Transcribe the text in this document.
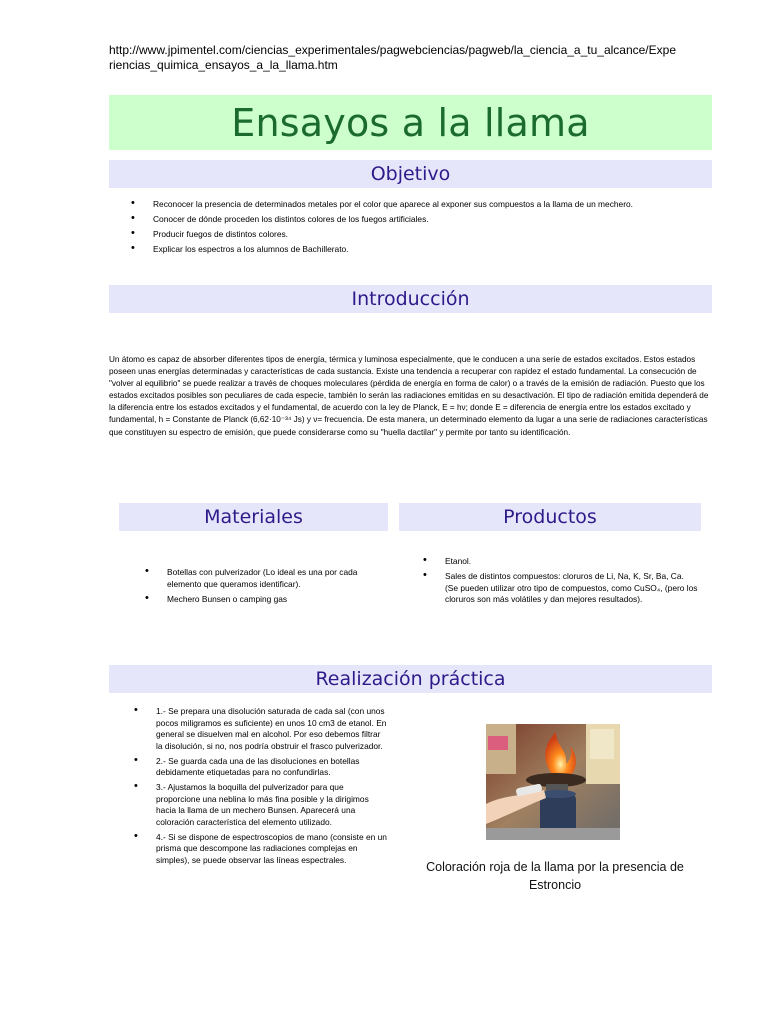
http://www.jpimentel.com/ciencias_experimentales/pagwebciencias/pagweb/la_ciencia_a_tu_alcance/Experiencias_quimica_ensayos_a_la_llama.htm
Ensayos a la llama
Objetivo
• Reconocer la presencia de determinados metales por el color que aparece al exponer sus compuestos a la llama de un mechero.
• Conocer de dónde proceden los distintos colores de los fuegos artificiales.
• Producir fuegos de distintos colores.
• Explicar los espectros a los alumnos de Bachillerato.
Introducción
Un átomo es capaz de absorber diferentes tipos de energía, térmica y luminosa especialmente, que le conducen a una serie de estados excitados. Estos estados poseen unas energías determinadas y características de cada sustancia. Existe una tendencia a recuperar con rapidez el estado fundamental. La consecución de "volver al equilibrio" se puede realizar a través de choques moleculares (pérdida de energía en forma de calor) o a través de la emisión de radiación. Puesto que los estados excitados posibles son peculiares de cada especie, también lo serán las radiaciones emitidas en su desactivación. El tipo de radiación emitida dependerá de la diferencia entre los estados excitados y el fundamental, de acuerdo con la ley de Planck, E = hν; donde E = diferencia de energía entre los estados excitado y fundamental, h = Constante de Planck (6,62·10⁻³⁴ Js) y ν= frecuencia. De esta manera, un determinado elemento da lugar a una serie de radiaciones características que constituyen su espectro de emisión, que puede considerarse como su "huella dactilar" y permite por tanto su identificación.
Materiales	Productos
• Botellas con pulverizador (Lo ideal es una por cada elemento que queramos identificar).
• Mechero Bunsen o camping gas
• Etanol.
• Sales de distintos compuestos: cloruros de Li, Na, K, Sr, Ba, Ca. (Se pueden utilizar otro tipo de compuestos, como CuSO₄, (pero los cloruros son más volátiles y dan mejores resultados).
Realización práctica
• 1.- Se prepara una disolución saturada de cada sal (con unos pocos miligramos es suficiente) en unos 10 cm3 de etanol. En general se disuelven mal en alcohol. Por eso debemos filtrar la disolución, si no, nos podría obstruir el frasco pulverizador.
• 2.- Se guarda cada una de las disoluciones en botellas debidamente etiquetadas para no confundirlas.
• 3.- Ajustamos la boquilla del pulverizador para que proporcione una neblina lo más fina posible y la dirigimos hacia la llama de un mechero Bunsen. Aparecerá una coloración característica del elemento utilizado.
• 4.- Si se dispone de espectroscopios de mano (consiste en un prisma que descompone las radiaciones complejas en simples), se puede observar las líneas espectrales.
Coloración roja de la llama por la presencia de Estroncio
